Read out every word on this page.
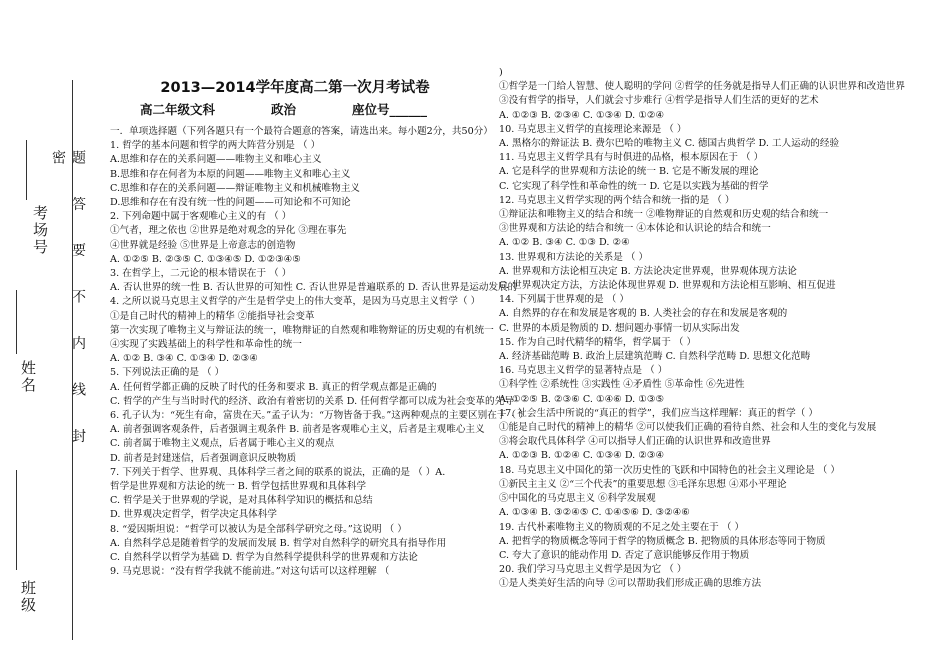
考场号	题 答 要 不 内 线 封 密
姓名
班级
2013—2014学年度高二第一次月考试卷
高二年级文科	政治	座位号______

一．单项选择题（下列各题只有一个最符合题意的答案，请选出来。每小题2分，共50分）

1. 哲学的基本问题和哲学的两大阵营分别是 （ ）

A.思维和存在的关系问题——唯物主义和唯心主义

B.思维和存在何者为本原的问题——唯物主义和唯心主义

C.思维和存在的关系问题——辩证唯物主义和机械唯物主义

D.思维和存在有没有统一性的问题——可知论和不可知论

2. 下列命题中属于客观唯心主义的有 （ ）

①气者，理之依也 ②世界是绝对观念的异化 ③理在事先

④世界就是经验 ⑤世界是上帝意志的创造物

A. ①②⑤ B. ②③⑤ C. ①③④⑤ D. ①②③④⑤

3. 在哲学上，二元论的根本错误在于 （ ）

A. 否认世界的统一性 B. 否认世界的可知性 C. 否认世界是普遍联系的 D. 否认世界是运动发展的

4. 之所以说马克思主义哲学的产生是哲学史上的伟大变革，是因为马克思主义哲学（ ）

①是自己时代的精神上的精华 ②能指导社会变革

第一次实现了唯物主义与辩证法的统一，唯物辩证的自然观和唯物辩证的历史观的有机统一

④实现了实践基础上的科学性和革命性的统一

A. ①② B. ③④ C. ①③④ D. ②③④

5. 下列说法正确的是 （ ）

A. 任何哲学都正确的反映了时代的任务和要求 B. 真正的哲学观点都是正确的

C. 哲学的产生与当时时代的经济、政治有着密切的关系 D. 任何哲学都可以成为社会变革的先导

6. 孔子认为：“死生有命，富贵在天。”孟子认为：“万物皆备于我。”这两种观点的主要区别在于（ ）

A. 前者强调客观条件，后者强调主观条件 B. 前者是客观唯心主义，后者是主观唯心主义

C. 前者属于唯物主义观点，后者属于唯心主义的观点

D. 前者是封建迷信，后者强调意识反映物质

7. 下列关于哲学、世界观、具体科学三者之间的联系的说法，正确的是 （ ）A.

哲学是世界观和方法论的统一 B. 哲学包括世界观和具体科学

C. 哲学是关于世界观的学说，是对具体科学知识的概括和总结

D. 世界观决定哲学，哲学决定具体科学

8. “爱因斯坦说：“哲学可以被认为是全部科学研究之母。”这说明 （ ）

A. 自然科学总是随着哲学的发展而发展 B. 哲学对自然科学的研究具有指导作用

C. 自然科学以哲学为基础 D. 哲学为自然科学提供科学的世界观和方法论

9. 马克思说：“没有哲学我就不能前进。”对这句话可以这样理解 （

)

①哲学是一门给人智慧、使人聪明的学问 ②哲学的任务就是指导人们正确的认识世界和改造世界

③没有哲学的指导，人们就会寸步难行 ④哲学是指导人们生活的更好的艺术

A. ①②③ B. ②③④ C. ①③④ D. ①②④

10. 马克思主义哲学的直接理论来源是 （ ）

A. 黑格尔的辩证法 B. 费尔巴哈的唯物主义 C. 德国古典哲学 D. 工人运动的经验

11. 马克思主义哲学具有与时俱进的品格，根本原因在于 （ ）

A. 它是科学的世界观和方法论的统一 B. 它是不断发展的理论

C. 它实现了科学性和革命性的统一 D. 它是以实践为基础的哲学

12. 马克思主义哲学实现的两个结合和统一指的是 （ ）

①辩证法和唯物主义的结合和统一 ②唯物辩证的自然观和历史观的结合和统一

③世界观和方法论的结合和统一 ④本体论和认识论的结合和统一

A. ①② B. ③④ C. ①③ D. ②④

13. 世界观和方法论的关系是 （ ）

A. 世界观和方法论相互决定 B. 方法论决定世界观，世界观体现方法论

C. 世界观决定方法，方法论体现世界观 D. 世界观和方法论相互影响、相互促进

14. 下列属于世界观的是 （ ）

A. 自然界的存在和发展是客观的 B. 人类社会的存在和发展是客观的

C. 世界的本质是物质的 D. 想问题办事情一切从实际出发

15. 作为自己时代精华的精华，哲学属于 （ ）

A. 经济基础范畴 B. 政治上层建筑范畴 C. 自然科学范畴 D. 思想文化范畴

16. 马克思主义哲学的显著特点是 （ ）

①科学性 ②系统性 ③实践性 ④矛盾性 ⑤革命性 ⑥先进性

A. ①②⑤ B. ②③⑥ C. ①④⑥ D. ①③⑤

17. 社会生活中所说的“真正的哲学”，我们应当这样理解：真正的哲学（ ）

①能是自己时代的精神上的精华 ②可以使我们正确的看待自然、社会和人生的变化与发展

③将会取代具体科学 ④可以指导人们正确的认识世界和改造世界

A. ①②③ B. ①②④ C. ①③④ D. ②③④

18. 马克思主义中国化的第一次历史性的飞跃和中国特色的社会主义理论是 （ ）

①新民主主义 ②“三个代表”的重要思想 ③毛泽东思想 ④邓小平理论

⑤中国化的马克思主义 ⑥科学发展观

A. ①③④ B. ③②④⑤ C. ①④⑤⑥ D. ③②④⑥

19. 古代朴素唯物主义的物质观的不足之处主要在于 （ ）

A. 把哲学的物质概念等同于哲学的物质概念 B. 把物质的具体形态等同于物质

C. 夸大了意识的能动作用 D. 否定了意识能够反作用于物质

20. 我们学习马克思主义哲学是因为它 （ ）

①是人类美好生活的向导 ②可以帮助我们形成正确的思维方法
